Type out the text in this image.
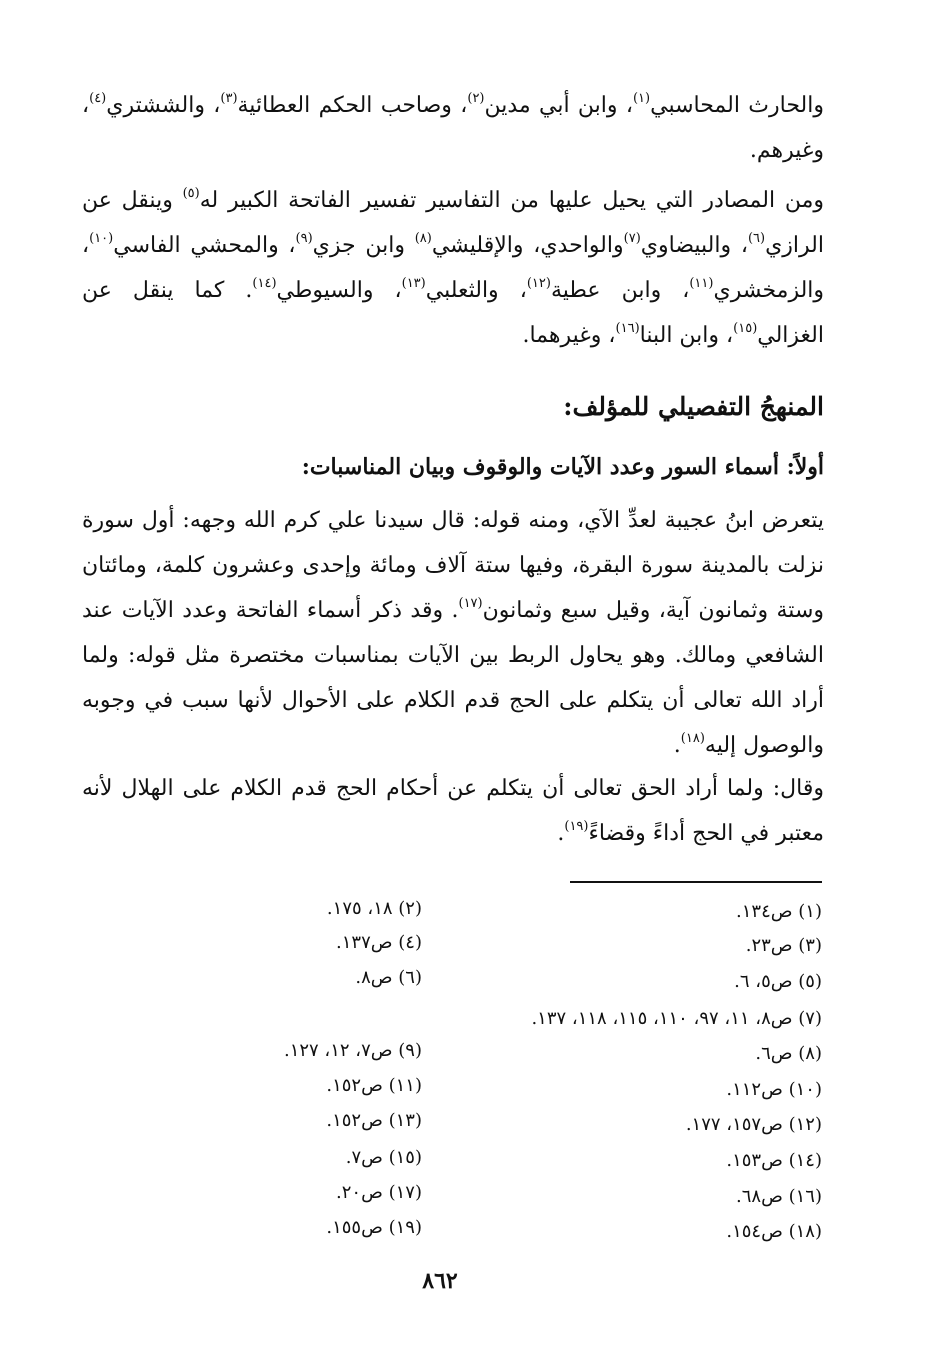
والحارث المحاسبي$^{(١)}$، وابن أبي مدين$^{(٢)}$، وصاحب الحكم العطائية$^{(٣)}$، والششتري$^{(٤)}$، وغيرهم.
ومن المصادر التي يحيل عليها من التفاسير تفسير الفاتحة الكبير له$^{(٥)}$ وينقل عن الرازي$^{(٦)}$، والبيضاوي$^{(٧)}$والواحدي، والإقليشي$^{(٨)}$ وابن جزي$^{(٩)}$، والمحشي الفاسي$^{(١٠)}$، والزمخشري$^{(١١)}$، وابن عطية$^{(١٢)}$، والثعلبي$^{(١٣)}$، والسيوطي$^{(١٤)}$. كما ينقل عن الغزالي$^{(١٥)}$، وابن البنا$^{(١٦)}$، وغيرهما.
المنهجُ التفصيلي للمؤلف:
أولاً: أسماء السور وعدد الآيات والوقوف وبيان المناسبات:
يتعرض ابنُ عجيبة لعدِّ الآي، ومنه قوله: قال سيدنا علي كرم الله وجهه: أول سورة نزلت بالمدينة سورة البقرة، وفيها ستة آلاف ومائة وإحدى وعشرون كلمة، ومائتان وستة وثمانون آية، وقيل سبع وثمانون$^{(١٧)}$. وقد ذكر أسماء الفاتحة وعدد الآيات عند الشافعي ومالك. وهو يحاول الربط بين الآيات بمناسبات مختصرة مثل قوله: ولما أراد الله تعالى أن يتكلم على الحج قدم الكلام على الأحوال لأنها سبب في وجوبه والوصول إليه$^{(١٨)}$.
وقال: ولما أراد الحق تعالى أن يتكلم عن أحكام الحج قدم الكلام على الهلال لأنه معتبر في الحج أداءً وقضاءً$^{(١٩)}$.
(١) ص١٣٤.
(٢) ١٨، ١٧٥.
(٣) ص٢٣.
(٤) ص١٣٧.
(٥) ص٥، ٦.
(٦) ص٨.
(٧) ص٨، ١١، ٩٧، ١١٠، ١١٥، ١١٨، ١٣٧.
(٨) ص٦.
(٩) ص٧، ١٢، ١٢٧.
(١٠) ص١١٢.
(١١) ص١٥٢.
(١٢) ص١٥٧، ١٧٧.
(١٣) ص١٥٢.
(١٤) ص١٥٣.
(١٥) ص٧.
(١٦) ص٦٨.
(١٧) ص٢٠.
(١٨) ص١٥٤.
(١٩) ص١٥٥.
٨٦٢
